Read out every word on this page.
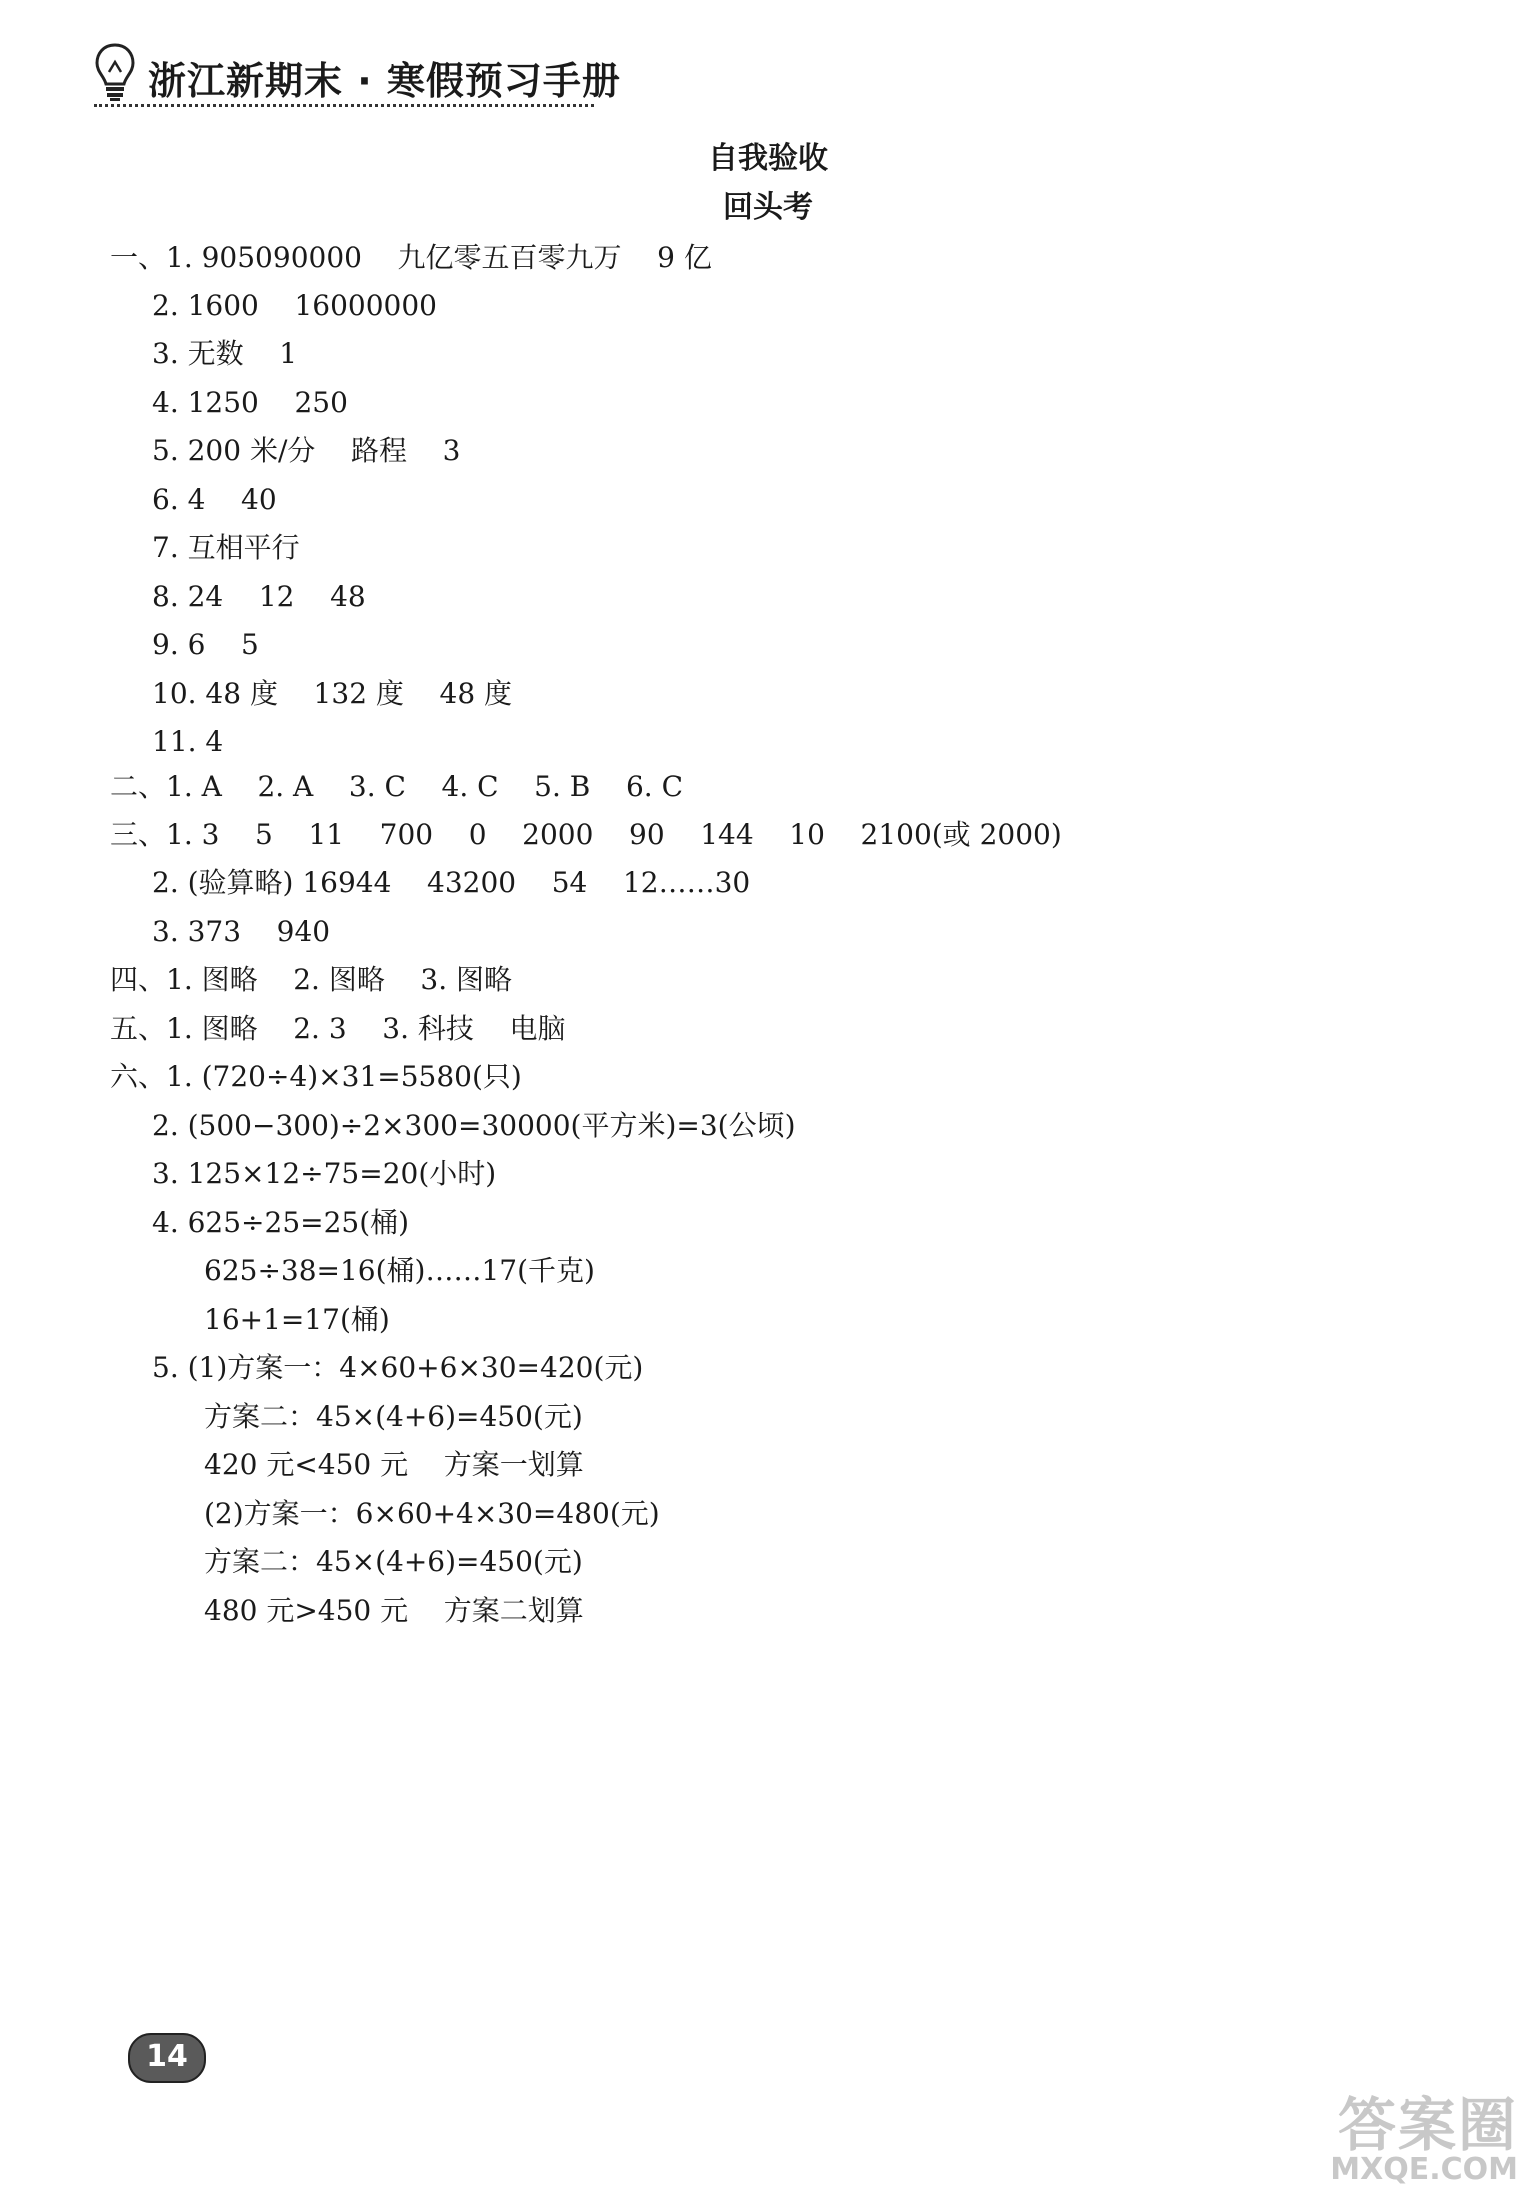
浙江新期末 · 寒假预习手册
自我验收
回头考
一、1. 905090000    九亿零五百零九万    9 亿
2. 1600    16000000
3. 无数    1
4. 1250    250
5. 200 米/分    路程    3
6. 4    40
7. 互相平行
8. 24    12    48
9. 6    5
10. 48 度    132 度    48 度
11. 4
二、1. A    2. A    3. C    4. C    5. B    6. C
三、1. 3    5    11    700    0    2000    90    144    10    2100(或 2000)
2. (验算略) 16944    43200    54    12……30
3. 373    940
四、1. 图略    2. 图略    3. 图略
五、1. 图略    2. 3    3. 科技    电脑
六、1. (720÷4)×31=5580(只)
2. (500−300)÷2×300=30000(平方米)=3(公顷)
3. 125×12÷75=20(小时)
4. 625÷25=25(桶)
625÷38=16(桶)……17(千克)
16+1=17(桶)
5. (1)方案一：4×60+6×30=420(元)
方案二：45×(4+6)=450(元)
420 元<450 元    方案一划算
(2)方案一：6×60+4×30=480(元)
方案二：45×(4+6)=450(元)
480 元>450 元    方案二划算
14
答案圈
MXQE.COM
